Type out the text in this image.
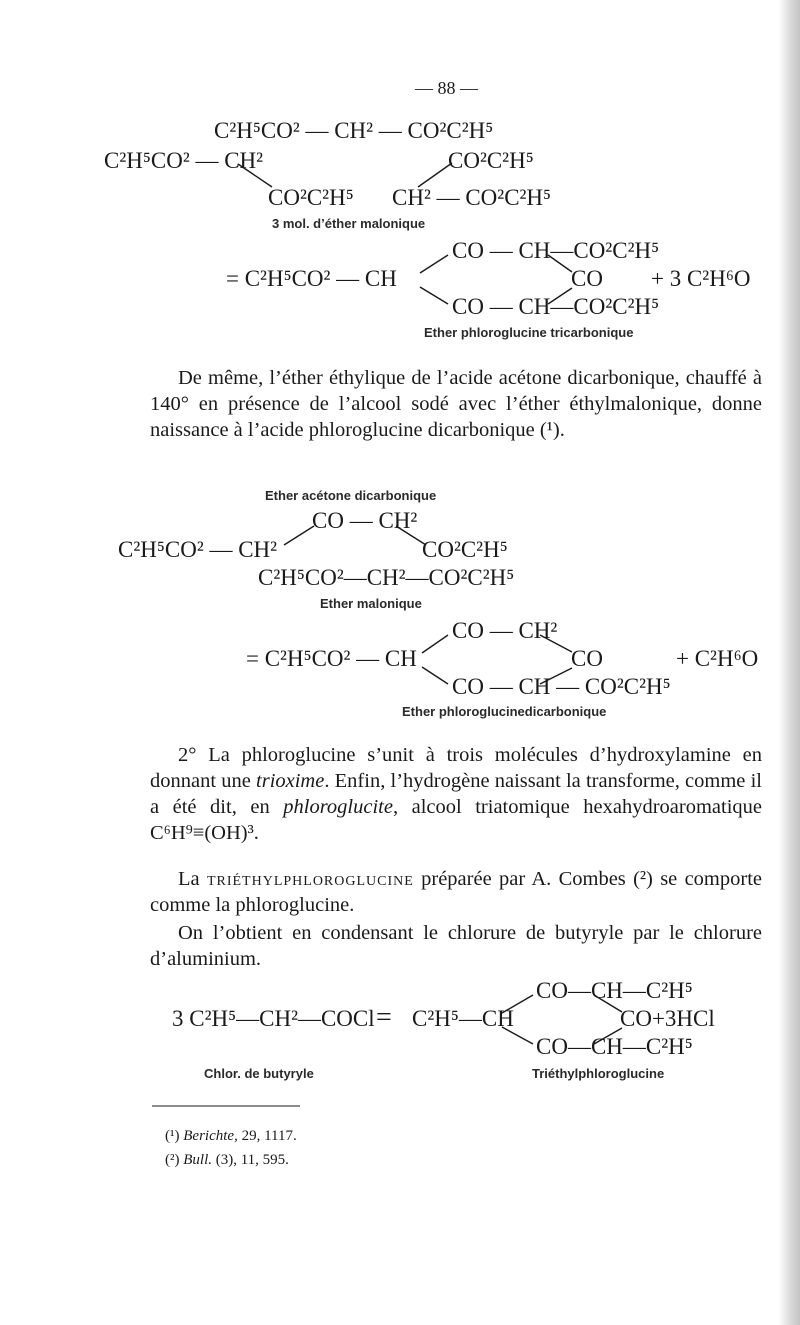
— 88 —
C²H⁵CO² — CH² — CO²C²H⁵
C²H⁵CO² — CH²	CO²C²H⁵
CO²C²H⁵ CH² — CO²C²H⁵
3 mol. d’éther malonique
CO — CH—CO²C²H⁵
= C²H⁵CO² — CH	CO + 3 C²H⁶O
CO — CH—CO²C²H⁵
Ether phloroglucine tricarbonique

De même, l’éther éthylique de l’acide acétone dicarbonique, chauffé à 140° en présence de l’alcool sodé avec l’éther éthylmalonique, donne naissance à l’acide phloroglucine dicarbonique (¹).

Ether acétone dicarbonique
CO — CH²
C²H⁵CO² — CH²	CO²C²H⁵
C²H⁵CO²—CH²—CO²C²H⁵
Ether malonique
CO — CH²
= C²H⁵CO² — CH	CO	+ C²H⁶O
CO — CH — CO²C²H⁵
Ether phloroglucinedicarbonique

2° La phloroglucine s’unit à trois molécules d’hydroxylamine en donnant une trioxime. Enfin, l’hydrogène naissant la transforme, comme il a été dit, en phloroglucite, alcool triatomique hexahydroaromatique C⁶H⁹≡(OH)³.

La triéthylphloroglucine préparée par A. Combes (²) se comporte comme la phloroglucine.

On l’obtient en condensant le chlorure de butyryle par le chlorure d’aluminium.

CO—CH—C²H⁵
3 C²H⁵—CH²—COCl = C²H⁵—CH	CO+3HCl
CO—CH—C²H⁵
Chlor. de butyryle	Triéthylphloroglucine
(¹) Berichte, 29, 1117.
(²) Bull. (3), 11, 595.
